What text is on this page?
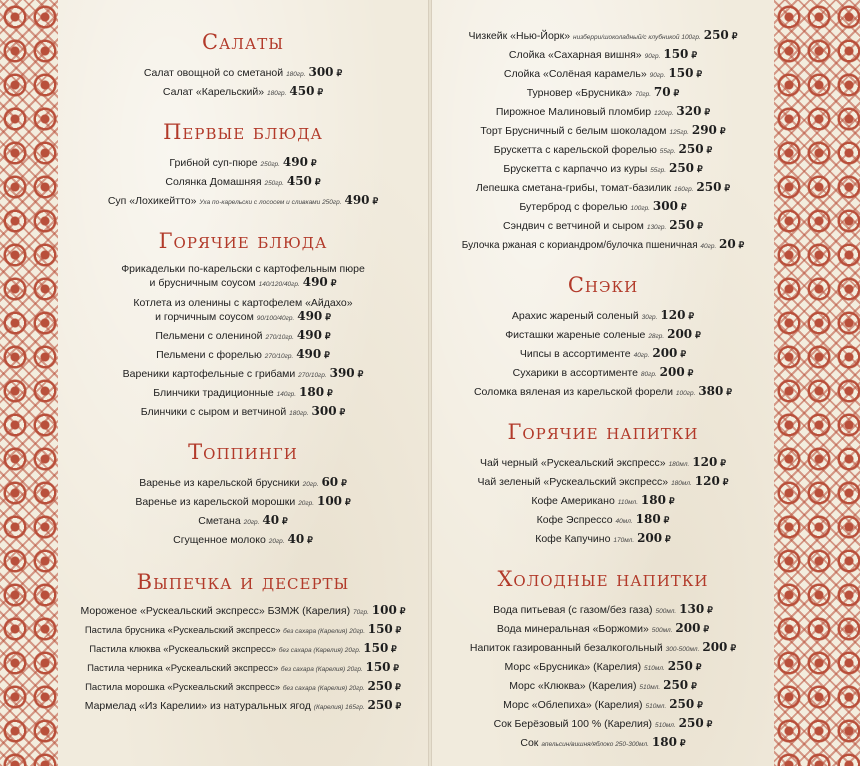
Салаты
Салат овощной со сметаной 180гр. 300 ₽
Салат «Карельский» 180гр. 450 ₽
Первые блюда
Грибной суп-пюре 250гр. 490 ₽
Солянка Домашняя 250гр. 450 ₽
Суп «Лохикейтто» Уха по-карельски с лососем и сливками 250гр. 490 ₽
Горячие блюда
Фрикадельки по-карельски с картофельным пюре
и брусничным соусом 140/120/40гр. 490 ₽
Котлета из оленины с картофелем «Айдахо»
и горчичным соусом 90/100/40гр. 490 ₽
Пельмени с олениной 270/10гр. 490 ₽
Пельмени с форелью 270/10гр. 490 ₽
Вареники картофельные с грибами 270/10гр. 390 ₽
Блинчики традиционные 140гр. 180 ₽
Блинчики с сыром и ветчиной 180гр. 300 ₽
Топпинги
Варенье из карельской брусники 20гр. 60 ₽
Варенье из карельской морошки 20гр. 100 ₽
Сметана 20гр. 40 ₽
Сгущенное молоко 20гр. 40 ₽
Выпечка и десерты
Мороженое «Рускеальский экспресс» БЗМЖ (Карелия) 70гр. 100 ₽
Пастила брусника «Рускеальский экспресс» без сахара (Карелия) 20гр. 150 ₽
Пастила клюква «Рускеальский экспресс» без сахара (Карелия) 20гр. 150 ₽
Пастила черника «Рускеальский экспресс» без сахара (Карелия) 20гр. 150 ₽
Пастила морошка «Рускеальский экспресс» без сахара (Карелия) 20гр. 250 ₽
Мармелад «Из Карелии» из натуральных ягод (Карелия) 165гр. 250 ₽
Чизкейк «Нью-Йорк» низберри/шоколадный/с клубникой 100гр. 250 ₽
Слойка «Сахарная вишня» 90гр. 150 ₽
Слойка «Солёная карамель» 90гр. 150 ₽
Турновер «Брусника» 70гр. 70 ₽
Пирожное Малиновый пломбир 120гр. 320 ₽
Торт Брусничный с белым шоколадом 125гр. 290 ₽
Брускетта с карельской форелью 55гр. 250 ₽
Брускетта с карпаччо из куры 55гр. 250 ₽
Лепешка сметана-грибы, томат-базилик 160гр. 250 ₽
Бутерброд с форелью 100гр. 300 ₽
Сэндвич с ветчиной и сыром 130гр. 250 ₽
Булочка ржаная с кориандром/булочка пшеничная 40гр. 20 ₽
Снэки
Арахис жареный соленый 30гр. 120 ₽
Фисташки жареные соленые 28гр. 200 ₽
Чипсы в ассортименте 40гр. 200 ₽
Сухарики в ассортименте 80гр. 200 ₽
Соломка вяленая из карельской форели 100гр. 380 ₽
Горячие напитки
Чай черный «Рускеальский экспресс» 180мл. 120 ₽
Чай зеленый «Рускеальский экспресс» 180мл. 120 ₽
Кофе Американо 110мл. 180 ₽
Кофе Эспрессо 40мл. 180 ₽
Кофе Капучино 170мл. 200 ₽
Холодные напитки
Вода питьевая (с газом/без газа) 500мл. 130 ₽
Вода минеральная «Боржоми» 500мл. 200 ₽
Напиток газированный безалкогольный 300-500мл. 200 ₽
Морс «Брусника» (Карелия) 510мл. 250 ₽
Морс «Клюква» (Карелия) 510мл. 250 ₽
Морс «Облепиха» (Карелия) 510мл. 250 ₽
Сок Берёзовый 100 % (Карелия) 510мл. 250 ₽
Сок апельсин/вишня/яблоко 250-300мл. 180 ₽
